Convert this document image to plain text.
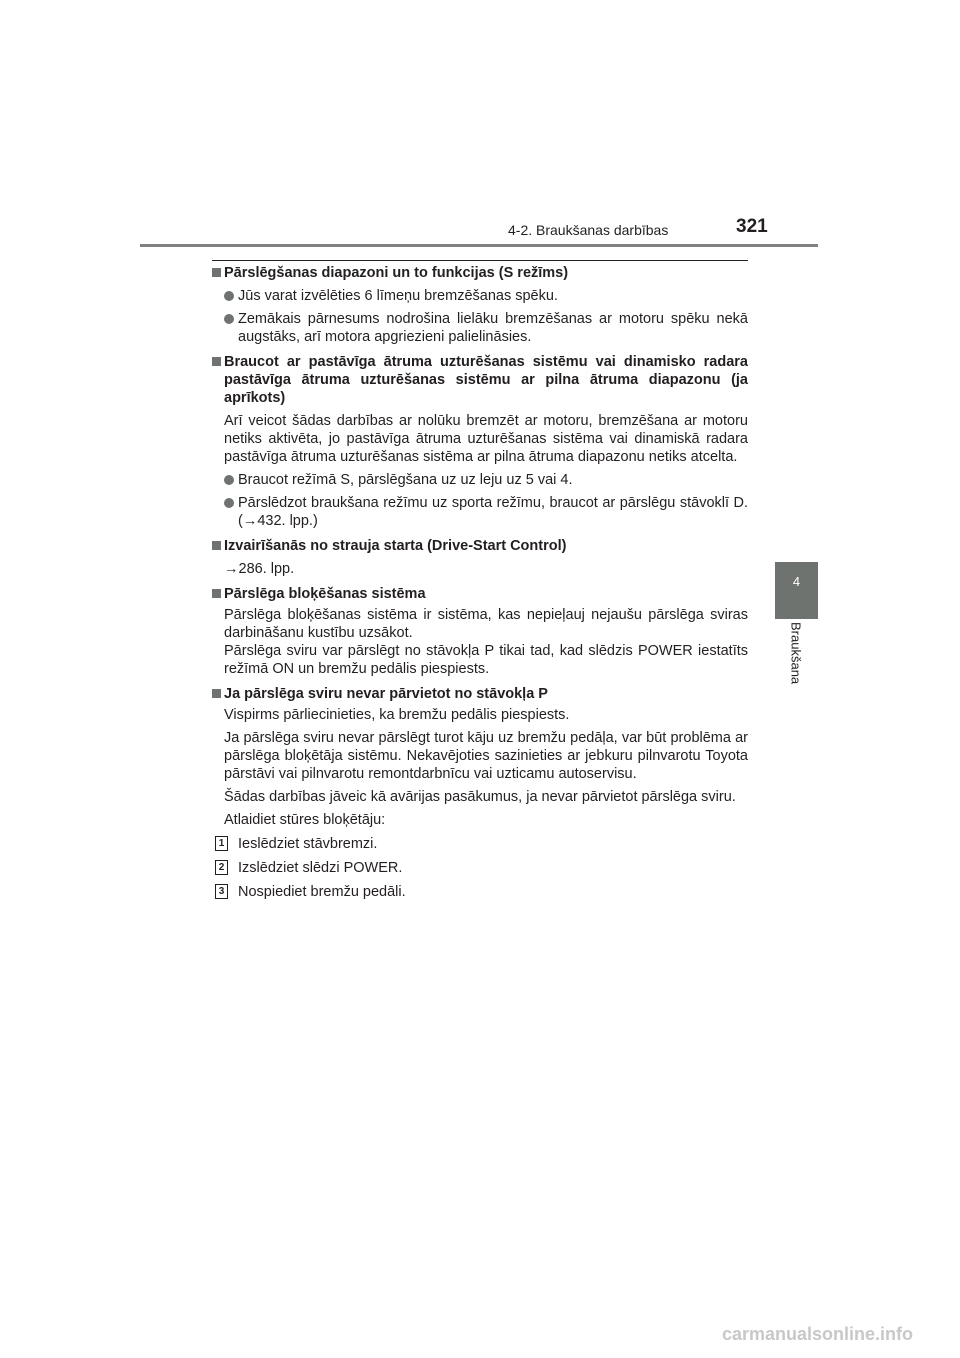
4-2. Braukšanas darbības	321
4
Braukšana
Pārslēgšanas diapazoni un to funkcijas (S režīms)
Jūs varat izvēlēties 6 līmeņu bremzēšanas spēku.
Zemākais pārnesums nodrošina lielāku bremzēšanas ar motoru spēku nekā augstāks, arī motora apgriezieni palielināsies.
Braucot ar pastāvīga ātruma uzturēšanas sistēmu vai dinamisko radara pastāvīga ātruma uzturēšanas sistēmu ar pilna ātruma diapazonu (ja aprīkots)
Arī veicot šādas darbības ar nolūku bremzēt ar motoru, bremzēšana ar motoru netiks aktivēta, jo pastāvīga ātruma uzturēšanas sistēma vai dinamiskā radara pastāvīga ātruma uzturēšanas sistēma ar pilna ātruma diapazonu netiks atcelta.
Braucot režīmā S, pārslēgšana uz uz leju uz 5 vai 4.
Pārslēdzot braukšana režīmu uz sporta režīmu, braucot ar pārslēgu stāvoklī D. (→432. lpp.)
Izvairīšanās no strauja starta (Drive-Start Control)
→286. lpp.
Pārslēga bloķēšanas sistēma
Pārslēga bloķēšanas sistēma ir sistēma, kas nepieļauj nejaušu pārslēga sviras darbināšanu kustību uzsākot.
Pārslēga sviru var pārslēgt no stāvokļa P tikai tad, kad slēdzis POWER iestatīts režīmā ON un bremžu pedālis piespiests.
Ja pārslēga sviru nevar pārvietot no stāvokļa P
Vispirms pārliecinieties, ka bremžu pedālis piespiests.
Ja pārslēga sviru nevar pārslēgt turot kāju uz bremžu pedāļa, var būt problēma ar pārslēga bloķētāja sistēmu. Nekavējoties sazinieties ar jebkuru pilnvarotu Toyota pārstāvi vai pilnvarotu remontdarbnīcu vai uzticamu autoservisu.
Šādas darbības jāveic kā avārijas pasākumus, ja nevar pārvietot pārslēga sviru.
Atlaidiet stūres bloķētāju:
1 Ieslēdziet stāvbremzi.
2 Izslēdziet slēdzi POWER.
3 Nospiediet bremžu pedāli.
carmanualsonline.info
